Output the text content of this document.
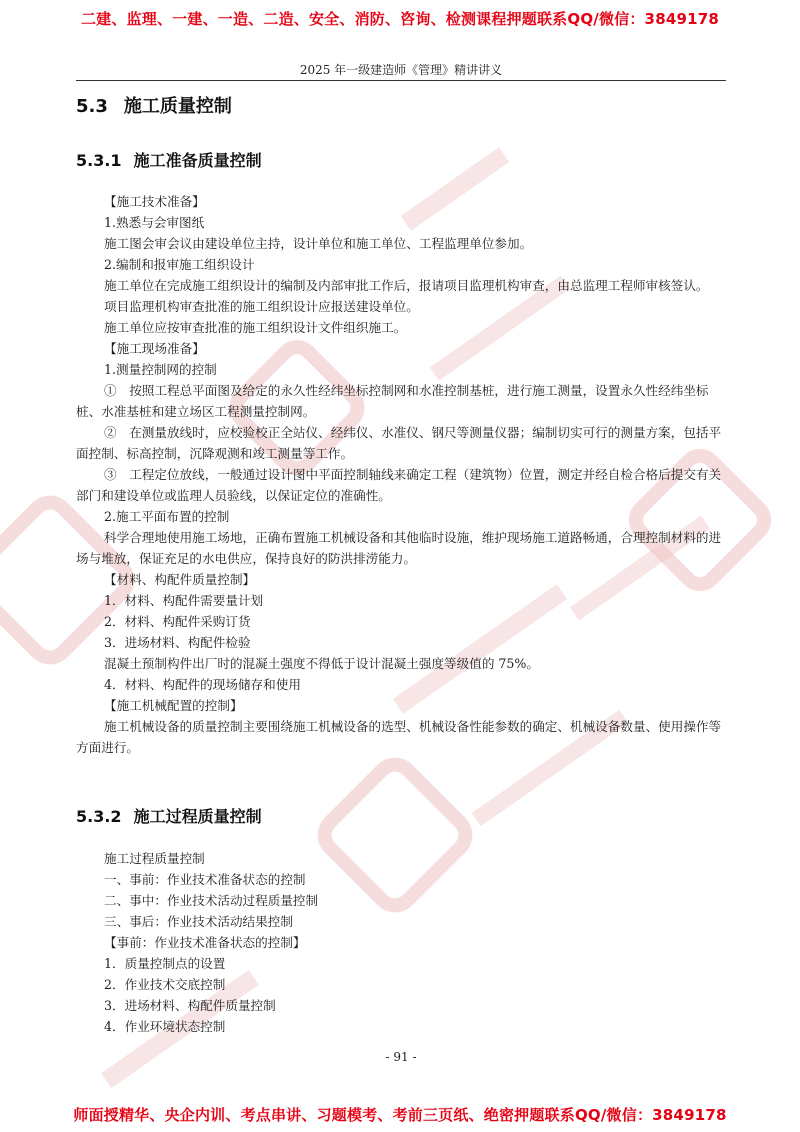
二建、监理、一建、一造、二造、安全、消防、咨询、检测课程押题联系QQ/微信：3849178
2025 年一级建造师《管理》精讲讲义
5.3 施工质量控制
5.3.1 施工准备质量控制

【施工技术准备】

1.熟悉与会审图纸

施工图会审会议由建设单位主持，设计单位和施工单位、工程监理单位参加。

2.编制和报审施工组织设计

施工单位在完成施工组织设计的编制及内部审批工作后，报请项目监理机构审查，由总监理工程师审核签认。

项目监理机构审查批准的施工组织设计应报送建设单位。

施工单位应按审查批准的施工组织设计文件组织施工。

【施工现场准备】

1.测量控制网的控制

①　按照工程总平面图及给定的永久性经纬坐标控制网和水准控制基桩，进行施工测量，设置永久性经纬坐标桩、水准基桩和建立场区工程测量控制网。

②　在测量放线时，应校验校正全站仪、经纬仪、水准仪、钢尺等测量仪器；编制切实可行的测量方案，包括平面控制、标高控制，沉降观测和竣工测量等工作。

③　工程定位放线，一般通过设计图中平面控制轴线来确定工程（建筑物）位置，测定并经自检合格后提交有关部门和建设单位或监理人员验线，以保证定位的准确性。

2.施工平面布置的控制

科学合理地使用施工场地，正确布置施工机械设备和其他临时设施，维护现场施工道路畅通，合理控制材料的进场与堆放，保证充足的水电供应，保持良好的防洪排涝能力。

【材料、构配件质量控制】

1．材料、构配件需要量计划

2．材料、构配件采购订货

3．进场材料、构配件检验

混凝土预制构件出厂时的混凝土强度不得低于设计混凝土强度等级值的 75%。

4．材料、构配件的现场储存和使用

【施工机械配置的控制】

施工机械设备的质量控制主要围绕施工机械设备的选型、机械设备性能参数的确定、机械设备数量、使用操作等方面进行。

5.3.2 施工过程质量控制

施工过程质量控制

一、事前：作业技术准备状态的控制

二、事中：作业技术活动过程质量控制

三、事后：作业技术活动结果控制

【事前：作业技术准备状态的控制】

1．质量控制点的设置

2．作业技术交底控制

3．进场材料、构配件质量控制

4．作业环境状态控制

- 91 -
师面授精华、央企内训、考点串讲、习题模考、考前三页纸、绝密押题联系QQ/微信：3849178
